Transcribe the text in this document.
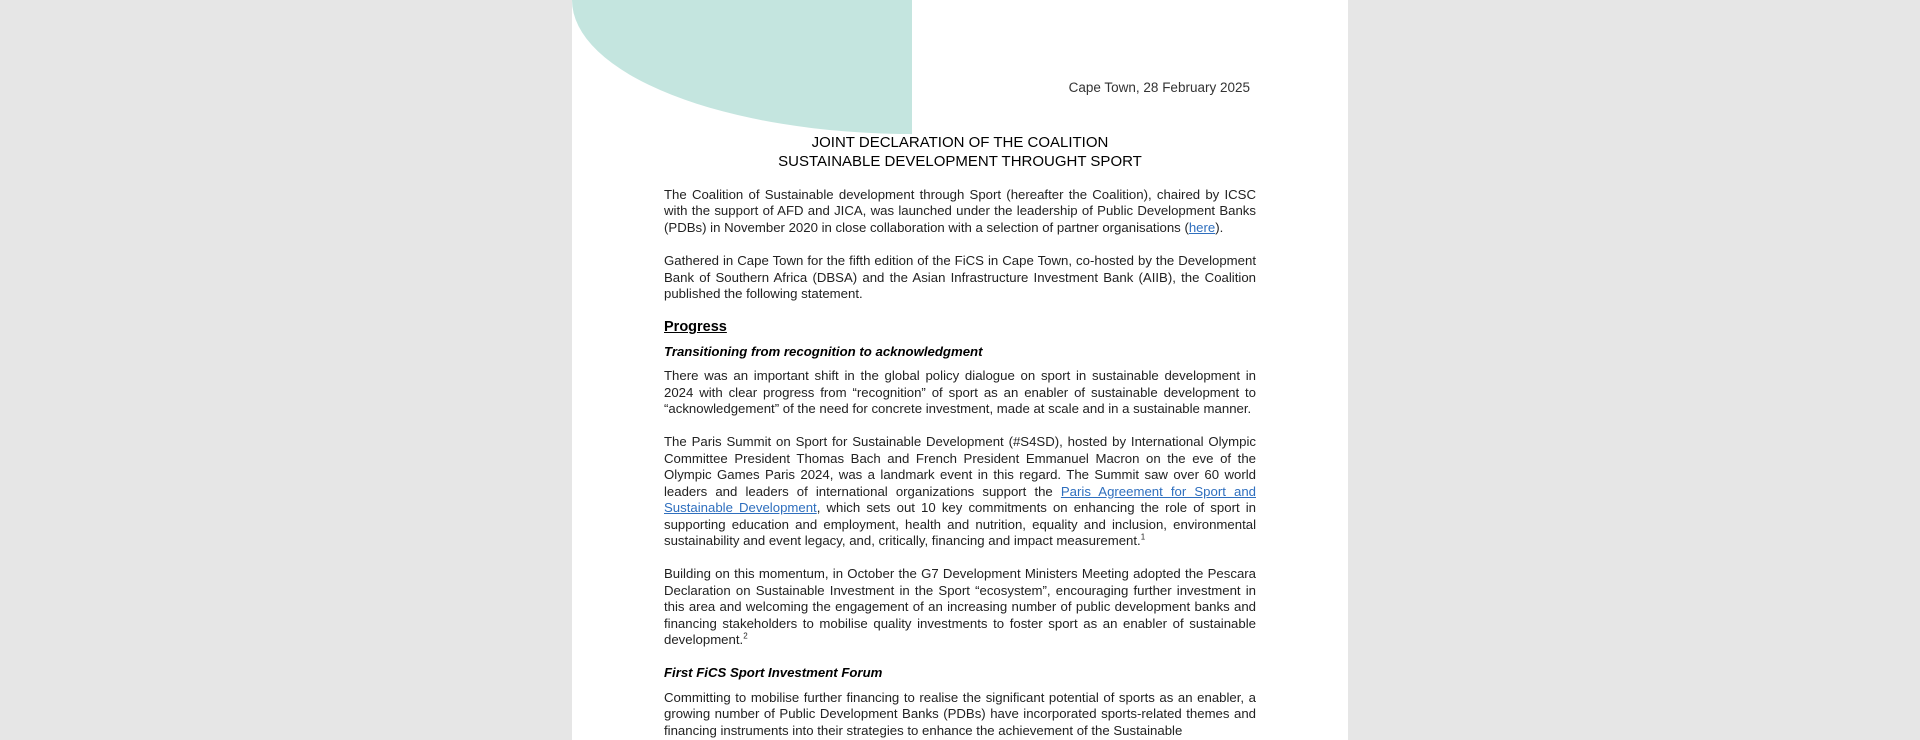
Cape Town, 28 February 2025
JOINT DECLARATION OF THE COALITION
SUSTAINABLE DEVELOPMENT THROUGHT SPORT

The Coalition of Sustainable development through Sport (hereafter the Coalition), chaired by ICSC with the support of AFD and JICA, was launched under the leadership of Public Development Banks (PDBs) in November 2020 in close collaboration with a selection of partner organisations (here).

Gathered in Cape Town for the fifth edition of the FiCS in Cape Town, co-hosted by the Development Bank of Southern Africa (DBSA) and the Asian Infrastructure Investment Bank (AIIB), the Coalition published the following statement.

Progress
Transitioning from recognition to acknowledgment

There was an important shift in the global policy dialogue on sport in sustainable development in 2024 with clear progress from “recognition” of sport as an enabler of sustainable development to “acknowledgement” of the need for concrete investment, made at scale and in a sustainable manner.

The Paris Summit on Sport for Sustainable Development (#S4SD), hosted by International Olympic Committee President Thomas Bach and French President Emmanuel Macron on the eve of the Olympic Games Paris 2024, was a landmark event in this regard. The Summit saw over 60 world leaders and leaders of international organizations support the Paris Agreement for Sport and Sustainable Development, which sets out 10 key commitments on enhancing the role of sport in supporting education and employment, health and nutrition, equality and inclusion, environmental sustainability and event legacy, and, critically, financing and impact measurement.$^1$

Building on this momentum, in October the G7 Development Ministers Meeting adopted the Pescara Declaration on Sustainable Investment in the Sport “ecosystem”, encouraging further investment in this area and welcoming the engagement of an increasing number of public development banks and financing stakeholders to mobilise quality investments to foster sport as an enabler of sustainable development.$^2$

First FiCS Sport Investment Forum

Committing to mobilise further financing to realise the significant potential of sports as an enabler, a growing number of Public Development Banks (PDBs) have incorporated sports-related themes and financing instruments into their strategies to enhance the achievement of the Sustainable
